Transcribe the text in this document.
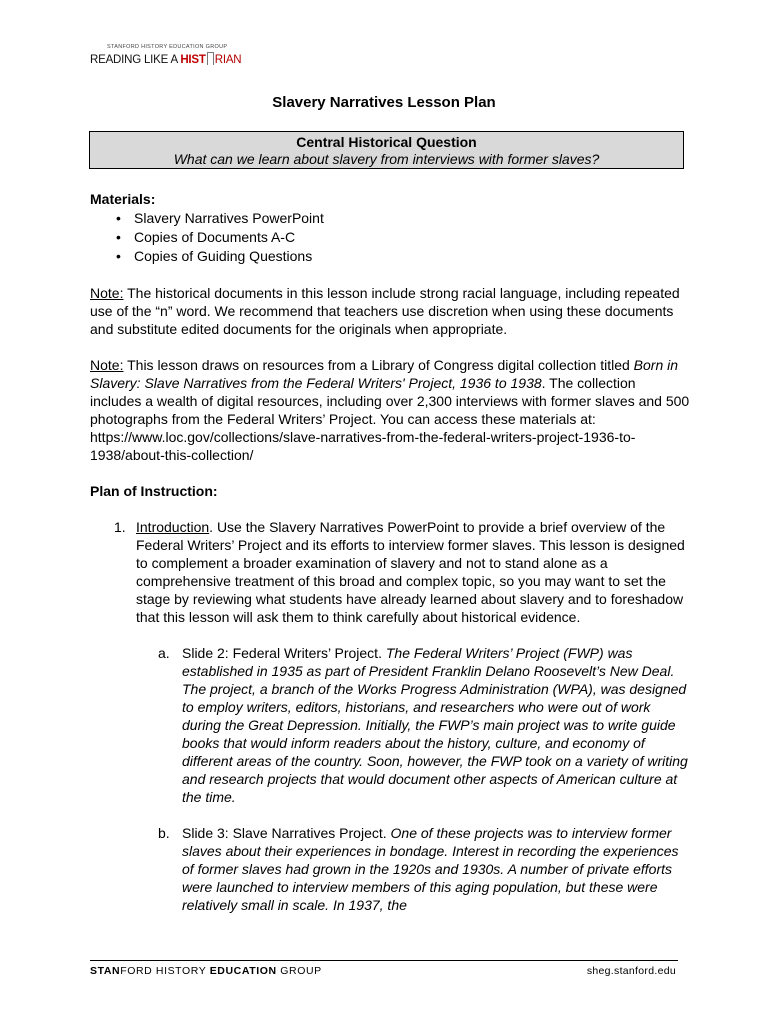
STANFORD HISTORY EDUCATION GROUP
READING LIKE A HIST RIAN
Slavery Narratives Lesson Plan
Central Historical Question
What can we learn about slavery from interviews with former slaves?
Materials:
• Slavery Narratives PowerPoint
• Copies of Documents A-C
• Copies of Guiding Questions

Note: The historical documents in this lesson include strong racial language, including repeated use of the “n” word. We recommend that teachers use discretion when using these documents and substitute edited documents for the originals when appropriate.

Note: This lesson draws on resources from a Library of Congress digital collection titled Born in Slavery: Slave Narratives from the Federal Writers' Project, 1936 to 1938. The collection includes a wealth of digital resources, including over 2,300 interviews with former slaves and 500 photographs from the Federal Writers’ Project. You can access these materials at: https://www.loc.gov/collections/slave-narratives-from-the-federal-writers-project-1936-to-1938/about-this-collection/

Plan of Instruction:
1. Introduction. Use the Slavery Narratives PowerPoint to provide a brief overview of the Federal Writers’ Project and its efforts to interview former slaves. This lesson is designed to complement a broader examination of slavery and not to stand alone as a comprehensive treatment of this broad and complex topic, so you may want to set the stage by reviewing what students have already learned about slavery and to foreshadow that this lesson will ask them to think carefully about historical evidence.
a. Slide 2: Federal Writers’ Project. The Federal Writers’ Project (FWP) was established in 1935 as part of President Franklin Delano Roosevelt’s New Deal. The project, a branch of the Works Progress Administration (WPA), was designed to employ writers, editors, historians, and researchers who were out of work during the Great Depression. Initially, the FWP’s main project was to write guide books that would inform readers about the history, culture, and economy of different areas of the country. Soon, however, the FWP took on a variety of writing and research projects that would document other aspects of American culture at the time.
b. Slide 3: Slave Narratives Project. One of these projects was to interview former slaves about their experiences in bondage. Interest in recording the experiences of former slaves had grown in the 1920s and 1930s. A number of private efforts were launched to interview members of this aging population, but these were relatively small in scale. In 1937, the
STANFORD HISTORY EDUCATION GROUP	sheg.stanford.edu
